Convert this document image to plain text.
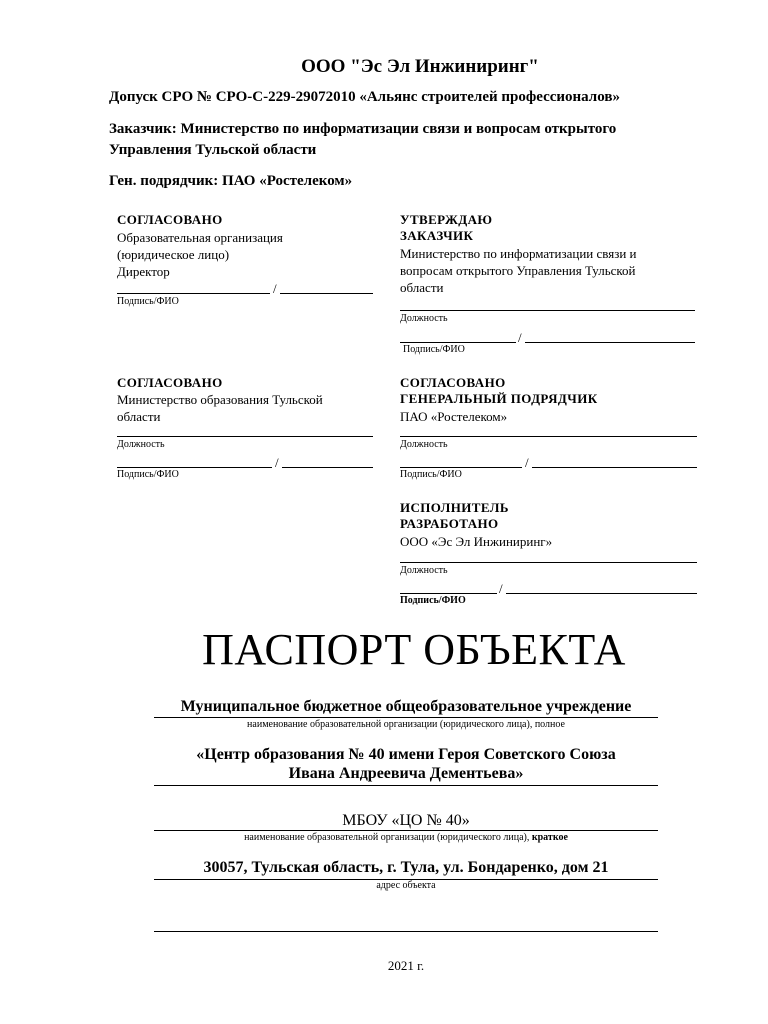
ООО "Эс Эл Инжиниринг"
Допуск СРО № СРО-С-229-29072010 «Альянс строителей профессионалов»
Заказчик: Министерство по информатизации связи и вопросам открытого
Управления Тульской области
Ген. подрядчик: ПАО «Ростелеком»
СОГЛАСОВАНО
Образовательная организация
(юридическое лицо)
Директор
/
Подпись/ФИО
УТВЕРЖДАЮ
ЗАКАЗЧИК
Министерство по информатизации связи и
вопросам открытого Управления Тульской
области
Должность
/
Подпись/ФИО
СОГЛАСОВАНО
Министерство образования Тульской
области
Должность
/
Подпись/ФИО
СОГЛАСОВАНО
ГЕНЕРАЛЬНЫЙ ПОДРЯДЧИК
ПАО «Ростелеком»
Должность
/
Подпись/ФИО
ИСПОЛНИТЕЛЬ
РАЗРАБОТАНО
ООО «Эс Эл Инжиниринг»
Должность
/
Подпись/ФИО
ПАСПОРТ ОБЪЕКТА
Муниципальное бюджетное общеобразовательное учреждение
наименование образовательной организации (юридического лица), полное
«Центр образования № 40 имени Героя Советского Союза
Ивана Андреевича Дементьева»
МБОУ «ЦО № 40»
наименование образовательной организации (юридического лица), краткое
30057, Тульская область, г. Тула, ул. Бондаренко, дом 21
адрес объекта
2021 г.
